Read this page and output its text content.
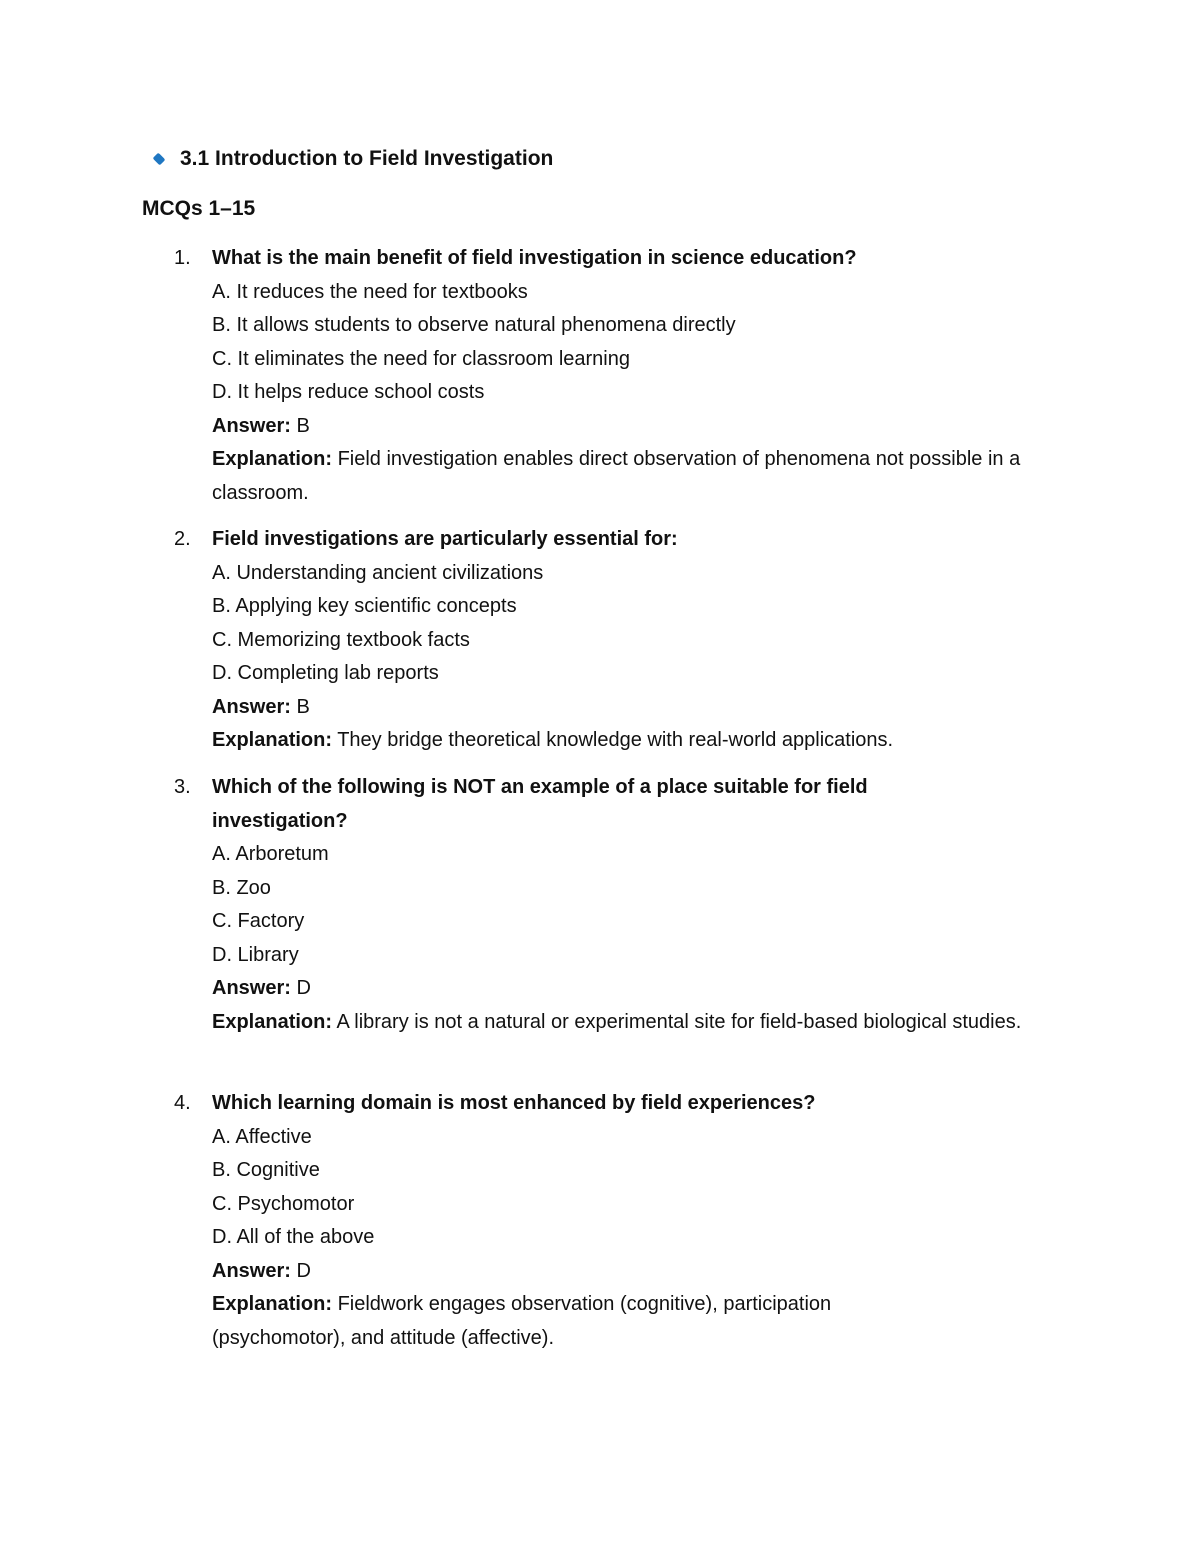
3.1 Introduction to Field Investigation
MCQs 1–15
1.	What is the main benefit of field investigation in science education?
A. It reduces the need for textbooks
B. It allows students to observe natural phenomena directly
C. It eliminates the need for classroom learning
D. It helps reduce school costs
Answer: B
Explanation: Field investigation enables direct observation of phenomena not possible in a classroom.
2.	Field investigations are particularly essential for:
A. Understanding ancient civilizations
B. Applying key scientific concepts
C. Memorizing textbook facts
D. Completing lab reports
Answer: B
Explanation: They bridge theoretical knowledge with real-world applications.
3.	Which of the following is NOT an example of a place suitable for field investigation?
A. Arboretum
B. Zoo
C. Factory
D. Library
Answer: D
Explanation: A library is not a natural or experimental site for field-based biological studies.
4.	Which learning domain is most enhanced by field experiences?
A. Affective
B. Cognitive
C. Psychomotor
D. All of the above
Answer: D
Explanation: Fieldwork engages observation (cognitive), participation (psychomotor), and attitude (affective).
